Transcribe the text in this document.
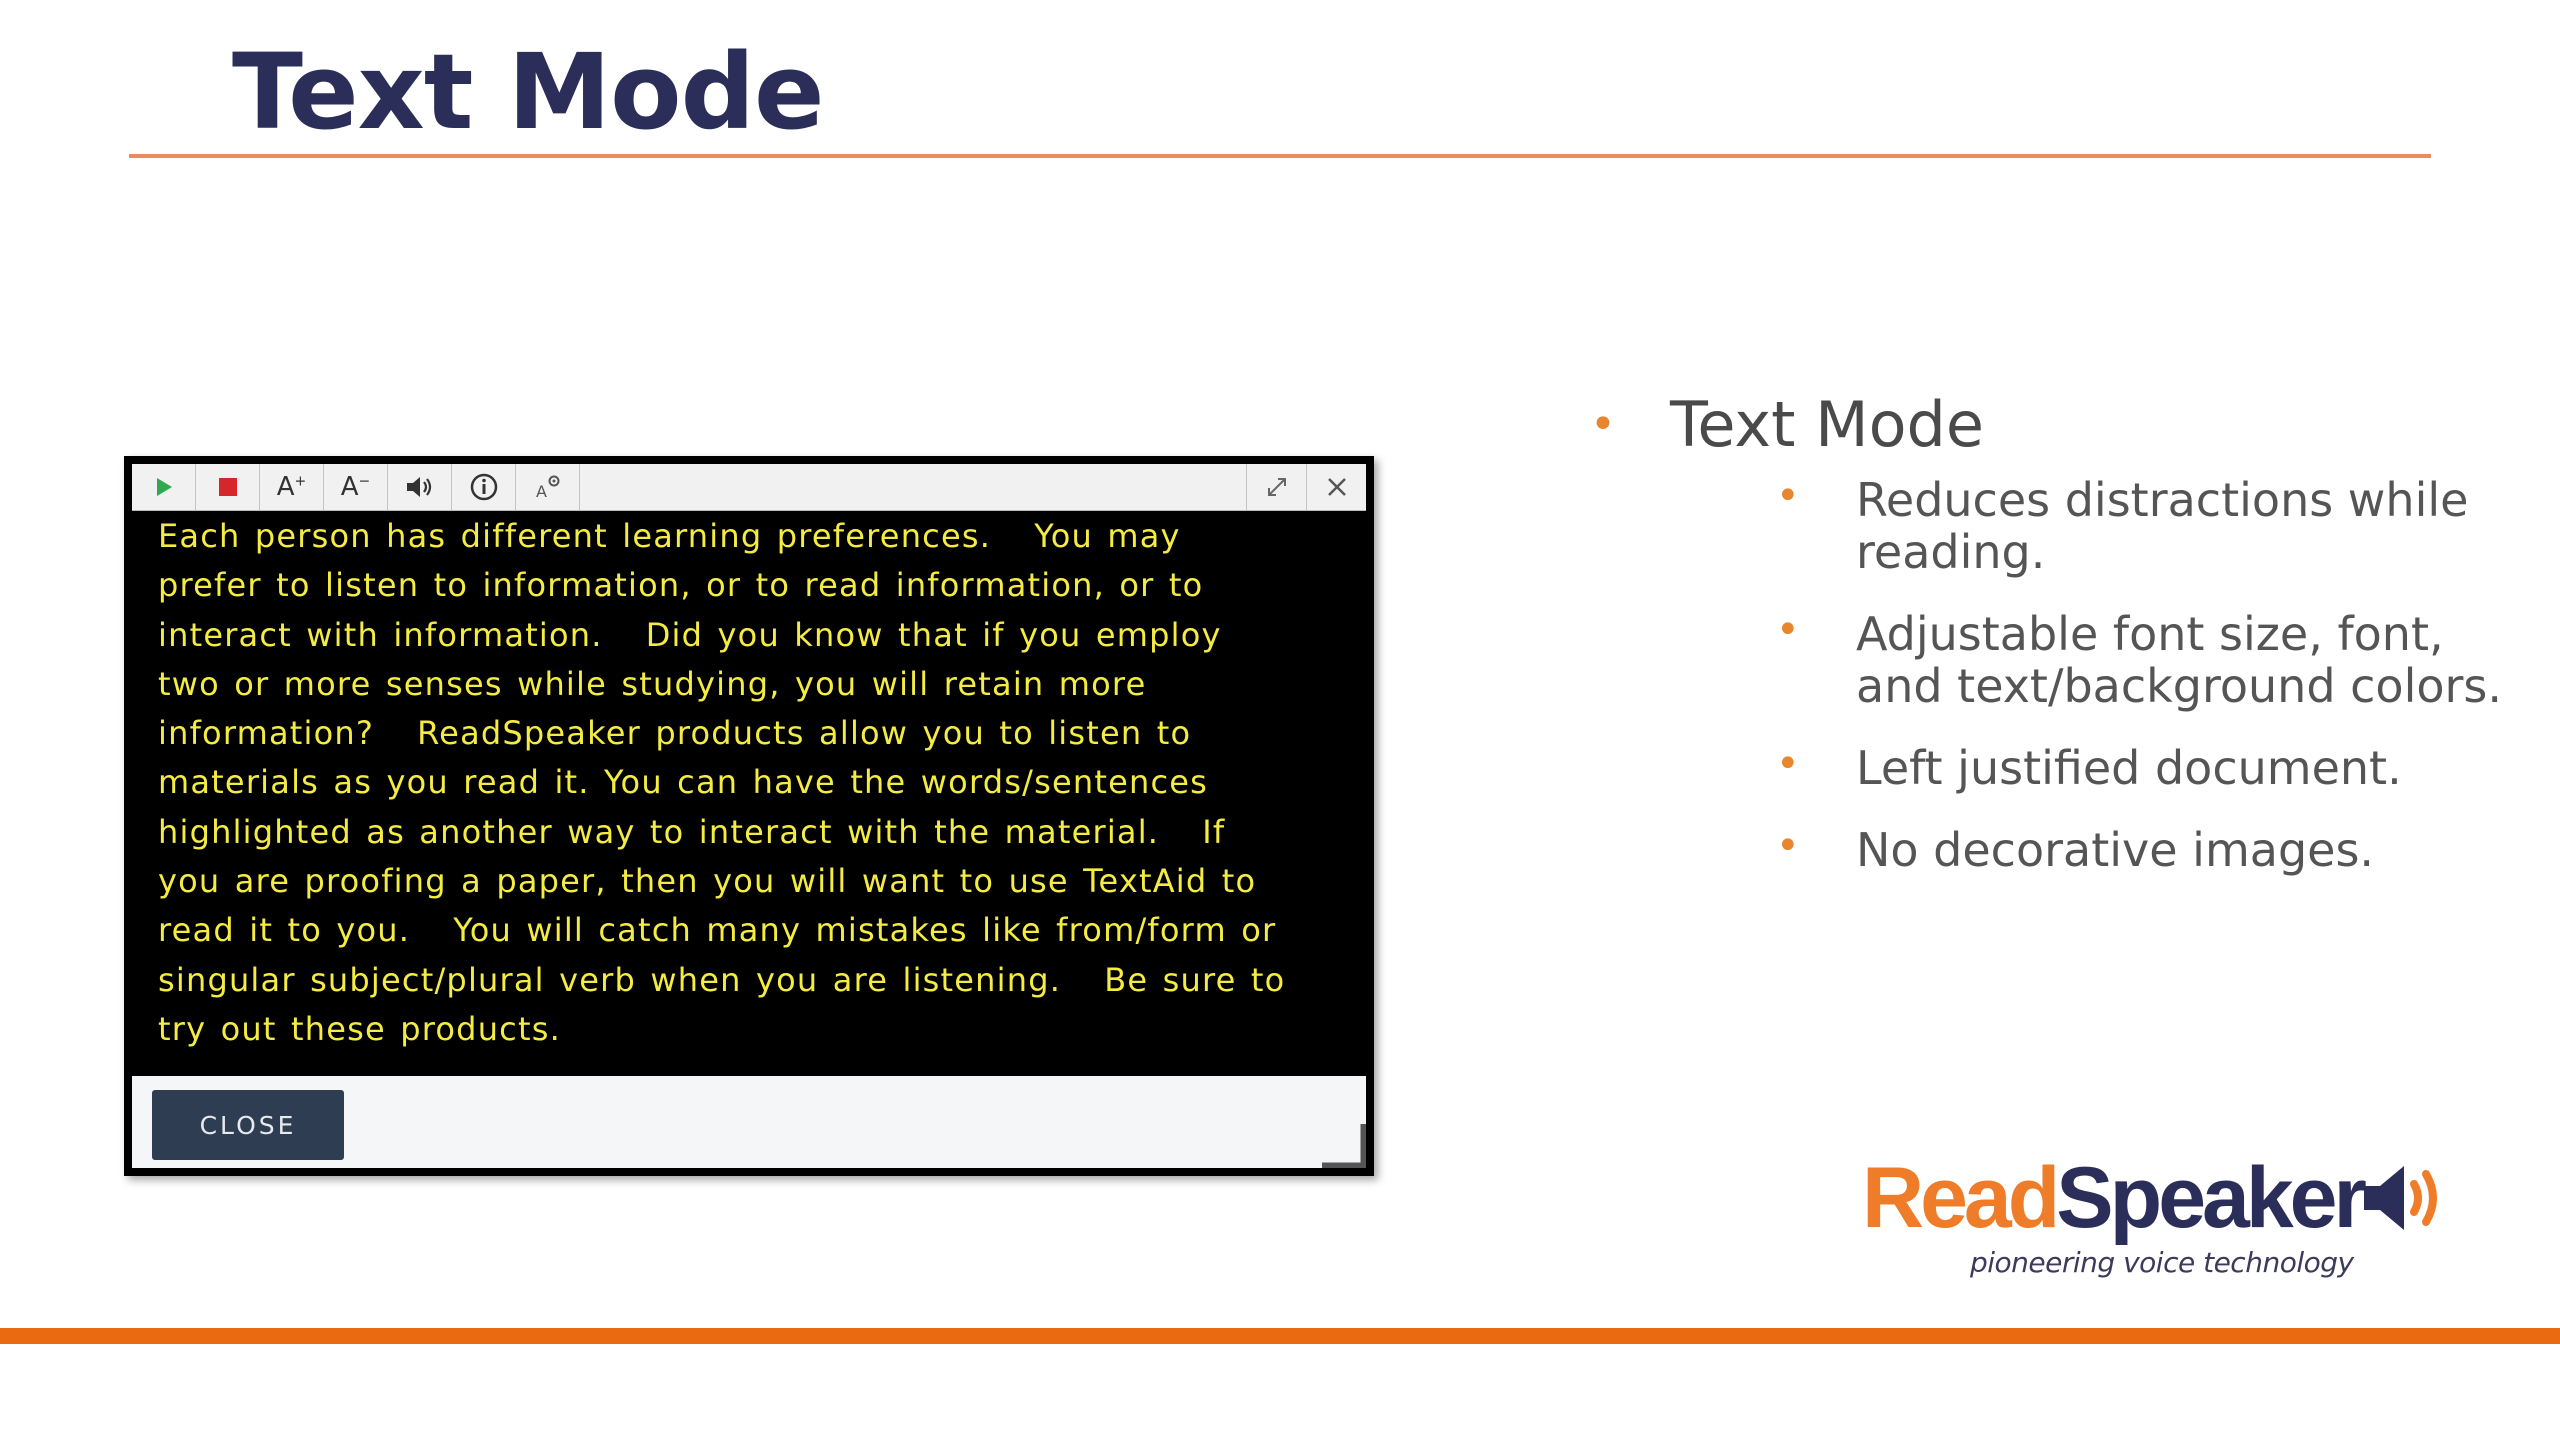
Text Mode
A+ A−
A

Each person has different learning preferences.   You may
prefer to listen to information, or to read information, or to
interact with information.   Did you know that if you employ
two or more senses while studying, you will retain more
information?   ReadSpeaker products allow you to listen to
materials as you read it. You can have the words/sentences
highlighted as another way to interact with the material.   If
you are proofing a paper, then you will want to use TextAid to
read it to you.   You will catch many mistakes like from/form or
singular subject/plural verb when you are listening.   Be sure to
try out these products.

CLOSE
• Text Mode
• Reduces distractions while
reading.
• Adjustable font size, font,
and text/background colors.
• Left justified document.
• No decorative images.
ReadSpeaker
pioneering voice technology
